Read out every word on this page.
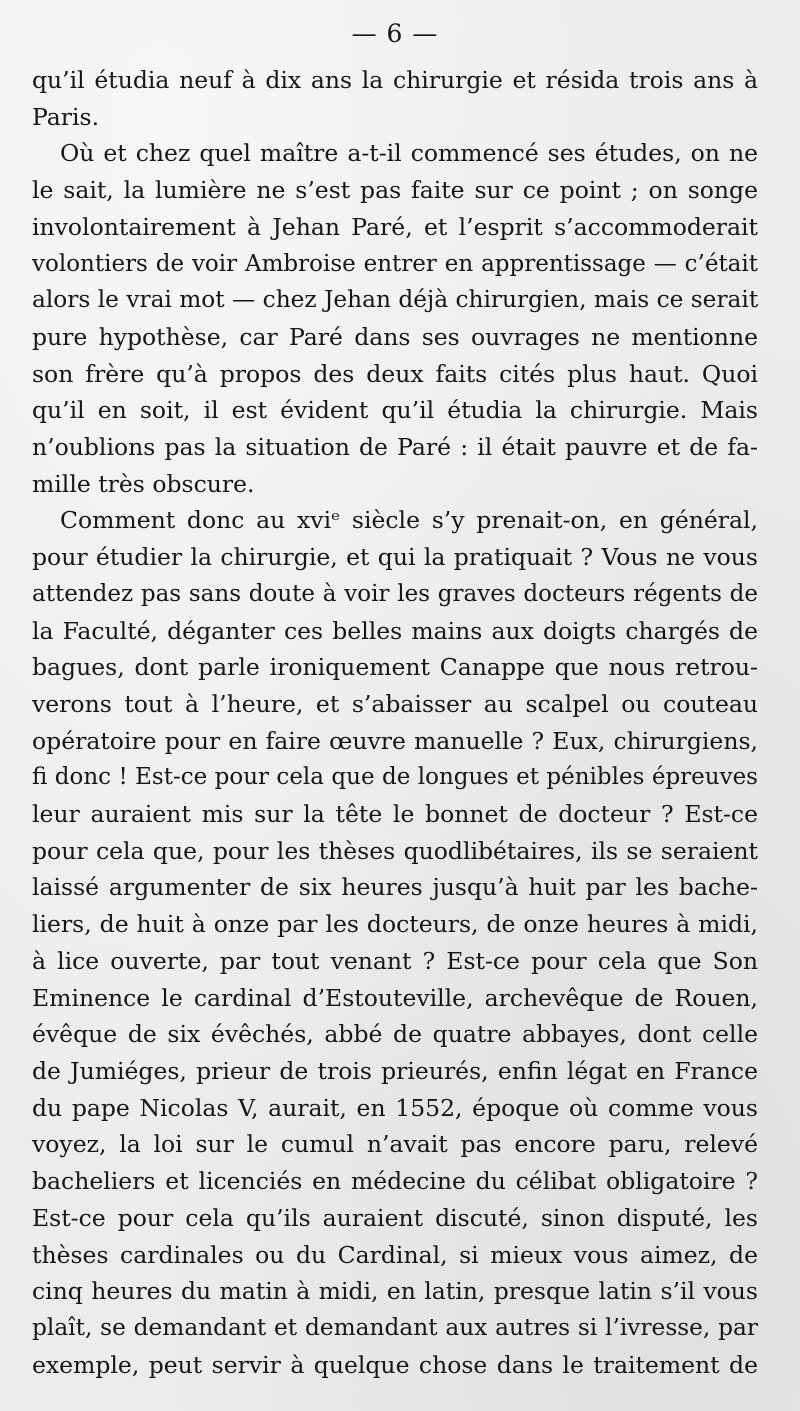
— 6 —
qu’il étudia neuf à dix ans la chirurgie et résida trois ans à
Paris.
Où et chez quel maître a-t-il commencé ses études, on ne
le sait, la lumière ne s’est pas faite sur ce point ; on songe
involontairement à Jehan Paré, et l’esprit s’accommoderait
volontiers de voir Ambroise entrer en apprentissage — c’était
alors le vrai mot — chez Jehan déjà chirurgien, mais ce serait
pure hypothèse, car Paré dans ses ouvrages ne mentionne
son frère qu’à propos des deux faits cités plus haut. Quoi
qu’il en soit, il est évident qu’il étudia la chirurgie. Mais
n’oublions pas la situation de Paré : il était pauvre et de fa-
mille très obscure.
Comment donc au xviᵉ siècle s’y prenait-on, en général,
pour étudier la chirurgie, et qui la pratiquait ? Vous ne vous
attendez pas sans doute à voir les graves docteurs régents de
la Faculté, déganter ces belles mains aux doigts chargés de
bagues, dont parle ironiquement Canappe que nous retrou-
verons tout à l’heure, et s’abaisser au scalpel ou couteau
opératoire pour en faire œuvre manuelle ? Eux, chirurgiens,
fi donc ! Est-ce pour cela que de longues et pénibles épreuves
leur auraient mis sur la tête le bonnet de docteur ? Est-ce
pour cela que, pour les thèses quodlibétaires, ils se seraient
laissé argumenter de six heures jusqu’à huit par les bache-
liers, de huit à onze par les docteurs, de onze heures à midi,
à lice ouverte, par tout venant ? Est-ce pour cela que Son
Eminence le cardinal d’Estouteville, archevêque de Rouen,
évêque de six évêchés, abbé de quatre abbayes, dont celle
de Jumiéges, prieur de trois prieurés, enfin légat en France
du pape Nicolas V, aurait, en 1552, époque où comme vous
voyez, la loi sur le cumul n’avait pas encore paru, relevé
bacheliers et licenciés en médecine du célibat obligatoire ?
Est-ce pour cela qu’ils auraient discuté, sinon disputé, les
thèses cardinales ou du Cardinal, si mieux vous aimez, de
cinq heures du matin à midi, en latin, presque latin s’il vous
plaît, se demandant et demandant aux autres si l’ivresse, par
exemple, peut servir à quelque chose dans le traitement de
